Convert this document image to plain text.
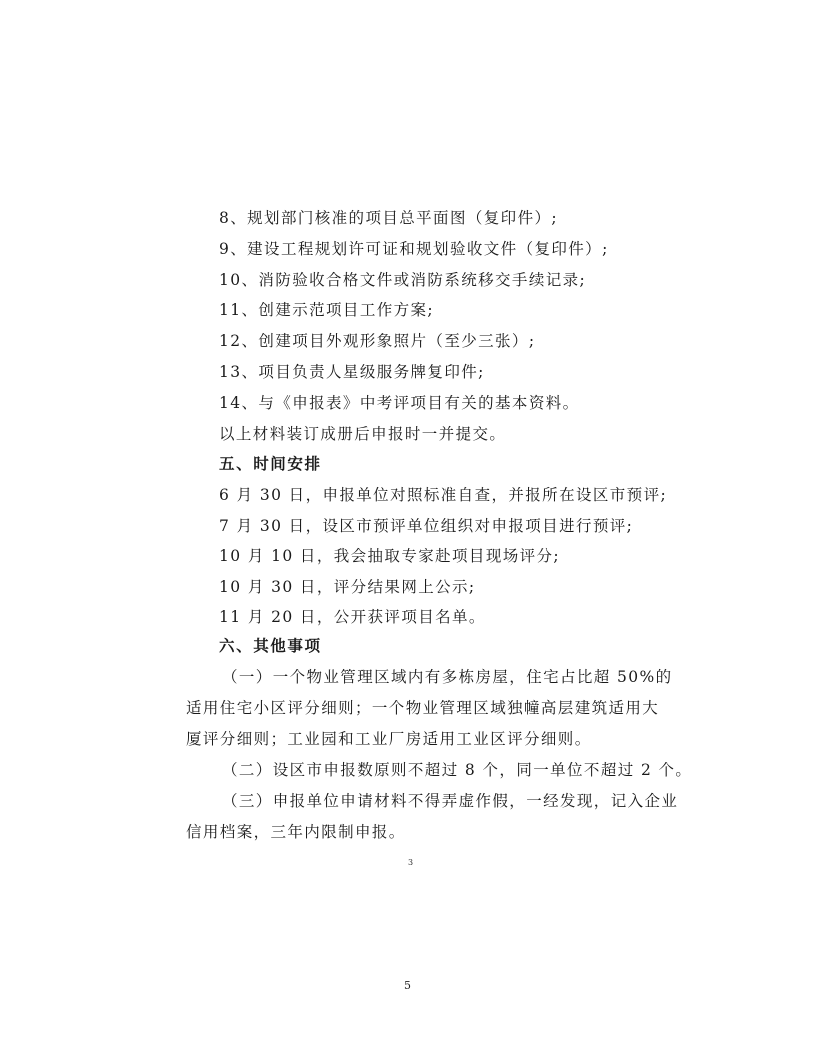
8、规划部门核准的项目总平面图（复印件）;
9、建设工程规划许可证和规划验收文件（复印件）;
10、消防验收合格文件或消防系统移交手续记录;
11、创建示范项目工作方案;
12、创建项目外观形象照片（至少三张）;
13、项目负责人星级服务牌复印件;
14、与《申报表》中考评项目有关的基本资料。
以上材料装订成册后申报时一并提交。
五、时间安排
6 月 30 日，申报单位对照标准自查，并报所在设区市预评;
7 月 30 日，设区市预评单位组织对申报项目进行预评;
10 月 10 日，我会抽取专家赴项目现场评分;
10 月 30 日，评分结果网上公示;
11 月 20 日，公开获评项目名单。
六、其他事项
（一）一个物业管理区域内有多栋房屋，住宅占比超 50%的
适用住宅小区评分细则；一个物业管理区域独幢高层建筑适用大
厦评分细则；工业园和工业厂房适用工业区评分细则。
（二）设区市申报数原则不超过 8 个，同一单位不超过 2 个。
（三）申报单位申请材料不得弄虚作假，一经发现，记入企业
信用档案，三年内限制申报。
3
5
